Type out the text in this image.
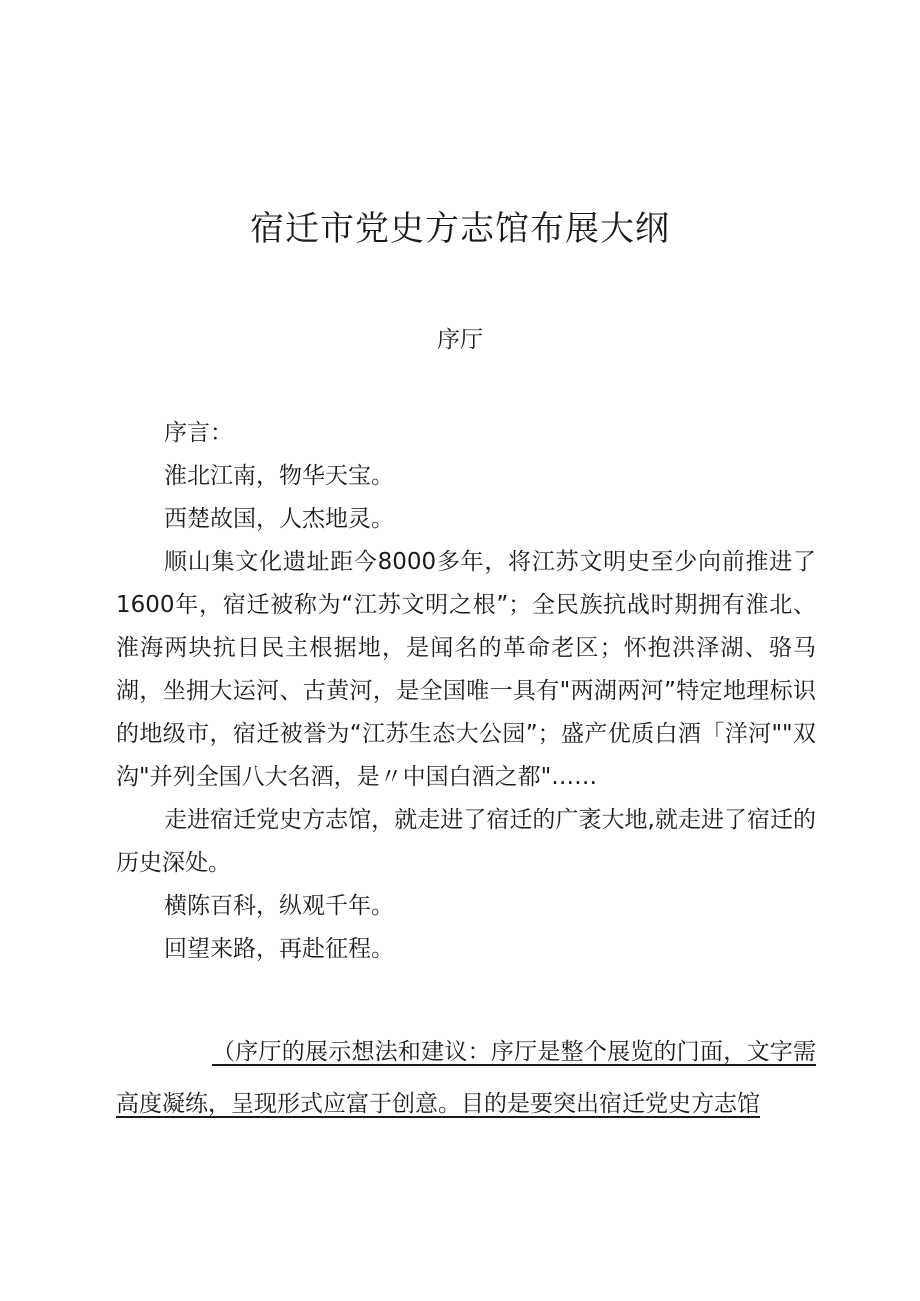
宿迁市党史方志馆布展大纲
序厅

序言：

淮北江南，物华天宝。

西楚故国，人杰地灵。

顺山集文化遗址距今8000多年，将江苏文明史至少向前推进了1600年，宿迁被称为“江苏文明之根”；全民族抗战时期拥有淮北、淮海两块抗日民主根据地，是闻名的革命老区；怀抱洪泽湖、骆马湖，坐拥大运河、古黄河，是全国唯一具有"两湖两河”特定地理标识的地级市，宿迁被誉为“江苏生态大公园”；盛产优质白酒「洋河""双沟"并列全国八大名酒，是〃中国白酒之都"……

走进宿迁党史方志馆，就走进了宿迁的广袤大地,就走进了宿迁的历史深处。

横陈百科，纵观千年。

回望来路，再赴征程。

（序厅的展示想法和建议：序厅是整个展览的门面，文字需高度凝练，呈现形式应富于创意。目的是要突出宿迁党史方志馆
